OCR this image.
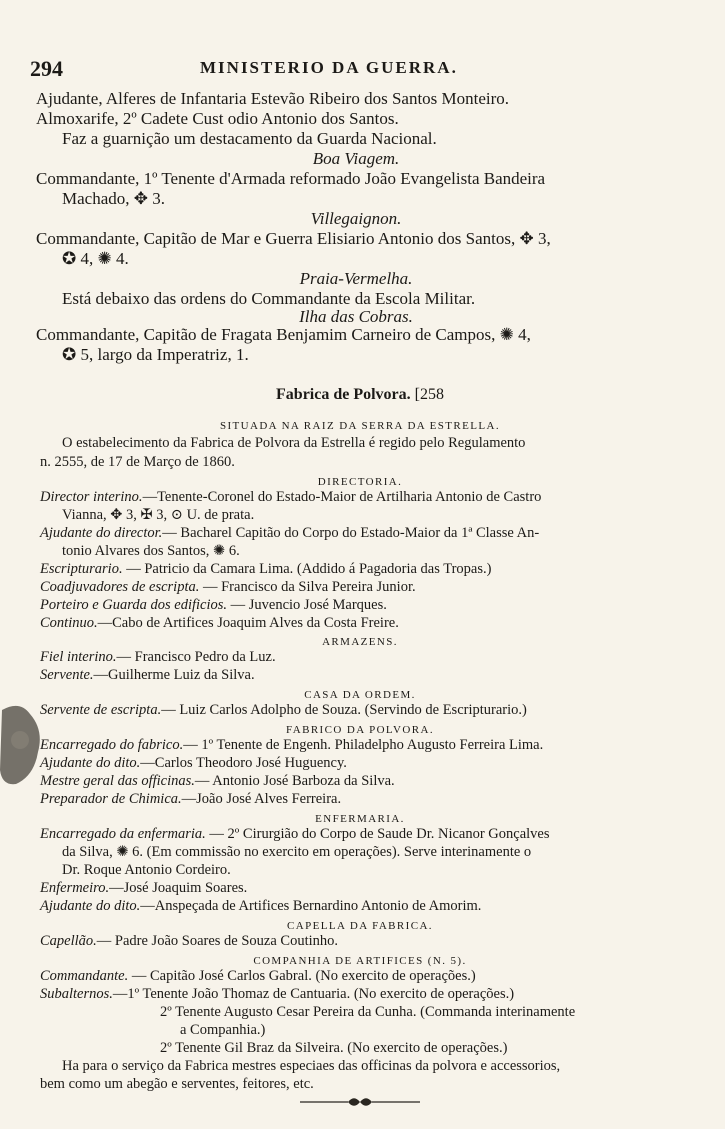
294	MINISTERIO DA GUERRA.
Ajudante, Alferes de Infantaria Estevão Ribeiro dos Santos Monteiro.
Almoxarife, 2º Cadete Cust odio Antonio dos Santos.
Faz a guarnição um destacamento da Guarda Nacional.
Boa Viagem.
Commandante, 1º Tenente d'Armada reformado João Evangelista Bandeira
Machado, ✥ 3.
Villegaignon.
Commandante, Capitão de Mar e Guerra Elisiario Antonio dos Santos, ✥ 3,
✪ 4, ✺ 4.
Praia-Vermelha.
Está debaixo das ordens do Commandante da Escola Militar.
Ilha das Cobras.
Commandante, Capitão de Fragata Benjamim Carneiro de Campos, ✺ 4,
✪ 5, largo da Imperatriz, 1.
Fabrica de Polvora. [258
SITUADA NA RAIZ DA SERRA DA ESTRELLA.
O estabelecimento da Fabrica de Polvora da Estrella é regido pelo Regulamento
n. 2555, de 17 de Março de 1860.
DIRECTORIA.
Director interino.—Tenente-Coronel do Estado-Maior de Artilharia Antonio de Castro
Vianna, ✥ 3, ✠ 3, ⊙ U. de prata.
Ajudante do director.— Bacharel Capitão do Corpo do Estado-Maior da 1ª Classe An-
tonio Alvares dos Santos, ✺ 6.
Escripturario. — Patricio da Camara Lima. (Addido á Pagadoria das Tropas.)
Coadjuvadores de escripta. — Francisco da Silva Pereira Junior.
Porteiro e Guarda dos edificios. — Juvencio José Marques.
Continuo.—Cabo de Artifices Joaquim Alves da Costa Freire.
ARMAZENS.
Fiel interino.— Francisco Pedro da Luz.
Servente.—Guilherme Luiz da Silva.
CASA DA ORDEM.
Servente de escripta.— Luiz Carlos Adolpho de Souza. (Servindo de Escripturario.)
FABRICO DA POLVORA.
Encarregado do fabrico.— 1º Tenente de Engenh. Philadelpho Augusto Ferreira Lima.
Ajudante do dito.—Carlos Theodoro José Huguency.
Mestre geral das officinas.— Antonio José Barboza da Silva.
Preparador de Chimica.—João José Alves Ferreira.
ENFERMARIA.
Encarregado da enfermaria. — 2º Cirurgião do Corpo de Saude Dr. Nicanor Gonçalves
da Silva, ✺ 6. (Em commissão no exercito em operações). Serve interinamente o
Dr. Roque Antonio Cordeiro.
Enfermeiro.—José Joaquim Soares.
Ajudante do dito.—Anspeçada de Artifices Bernardino Antonio de Amorim.
CAPELLA DA FABRICA.
Capellão.— Padre João Soares de Souza Coutinho.
COMPANHIA DE ARTIFICES (N. 5).
Commandante. — Capitão José Carlos Gabral. (No exercito de operações.)
Subalternos.—1º Tenente João Thomaz de Cantuaria. (No exercito de operações.)
2º Tenente Augusto Cesar Pereira da Cunha. (Commanda interinamente
a Companhia.)
2º Tenente Gil Braz da Silveira. (No exercito de operações.)
Ha para o serviço da Fabrica mestres especiaes das officinas da polvora e accessorios,
bem como um abegão e serventes, feitores, etc.
